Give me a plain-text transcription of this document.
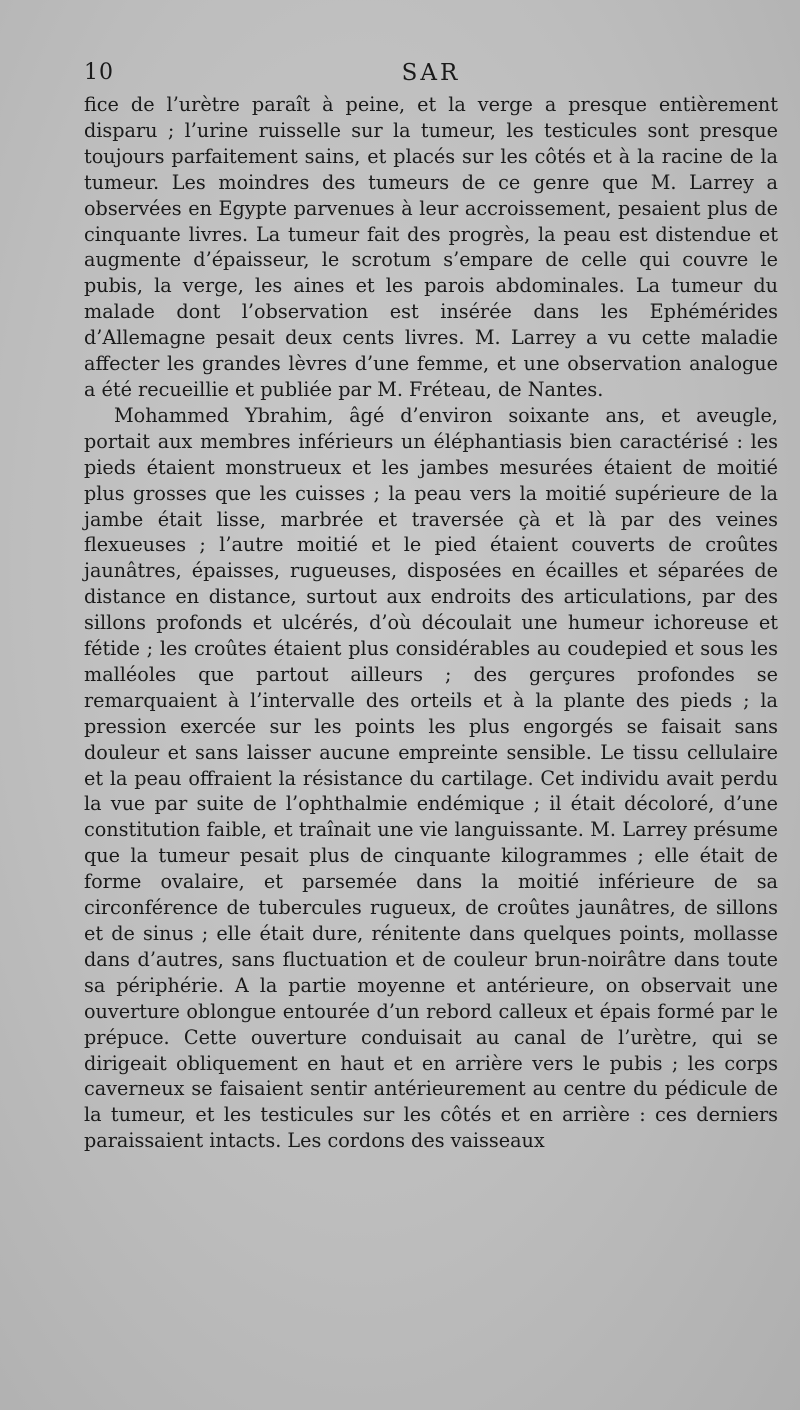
10	SAR

fice de l’urètre paraît à peine, et la verge a presque entièrement disparu ; l’urine ruisselle sur la tumeur, les testicules sont presque toujours parfaitement sains, et placés sur les côtés et à la racine de la tumeur. Les moindres des tumeurs de ce genre que M. Larrey a observées en Egypte parvenues à leur accroissement, pesaient plus de cinquante livres. La tumeur fait des progrès, la peau est distendue et augmente d’épaisseur, le scrotum s’empare de celle qui couvre le pubis, la verge, les aines et les parois abdominales. La tumeur du malade dont l’observation est insérée dans les Ephémérides d’Allemagne pesait deux cents livres. M. Larrey a vu cette maladie affecter les grandes lèvres d’une femme, et une observation analogue a été recueillie et publiée par M. Fréteau, de Nantes.

Mohammed Ybrahim, âgé d’environ soixante ans, et aveugle, portait aux membres inférieurs un éléphantiasis bien caractérisé : les pieds étaient monstrueux et les jambes mesurées étaient de moitié plus grosses que les cuisses ; la peau vers la moitié supérieure de la jambe était lisse, marbrée et traversée çà et là par des veines flexueuses ; l’autre moitié et le pied étaient couverts de croûtes jaunâtres, épaisses, rugueuses, disposées en écailles et séparées de distance en distance, surtout aux endroits des articulations, par des sillons profonds et ulcérés, d’où découlait une humeur ichoreuse et fétide ; les croûtes étaient plus considérables au coudepied et sous les malléoles que partout ailleurs ; des gerçures profondes se remarquaient à l’intervalle des orteils et à la plante des pieds ; la pression exercée sur les points les plus engorgés se faisait sans douleur et sans laisser aucune empreinte sensible. Le tissu cellulaire et la peau offraient la résistance du cartilage. Cet individu avait perdu la vue par suite de l’ophthalmie endémique ; il était décoloré, d’une constitution faible, et traînait une vie languissante. M. Larrey présume que la tumeur pesait plus de cinquante kilogrammes ; elle était de forme ovalaire, et parsemée dans la moitié inférieure de sa circonférence de tubercules rugueux, de croûtes jaunâtres, de sillons et de sinus ; elle était dure, rénitente dans quelques points, mollasse dans d’autres, sans fluctuation et de couleur brun-noirâtre dans toute sa périphérie. A la partie moyenne et antérieure, on observait une ouverture oblongue entourée d’un rebord calleux et épais formé par le prépuce. Cette ouverture conduisait au canal de l’urètre, qui se dirigeait obliquement en haut et en arrière vers le pubis ; les corps caverneux se faisaient sentir antérieurement au centre du pédicule de la tumeur, et les testicules sur les côtés et en arrière : ces derniers paraissaient intacts. Les cordons des vaisseaux
